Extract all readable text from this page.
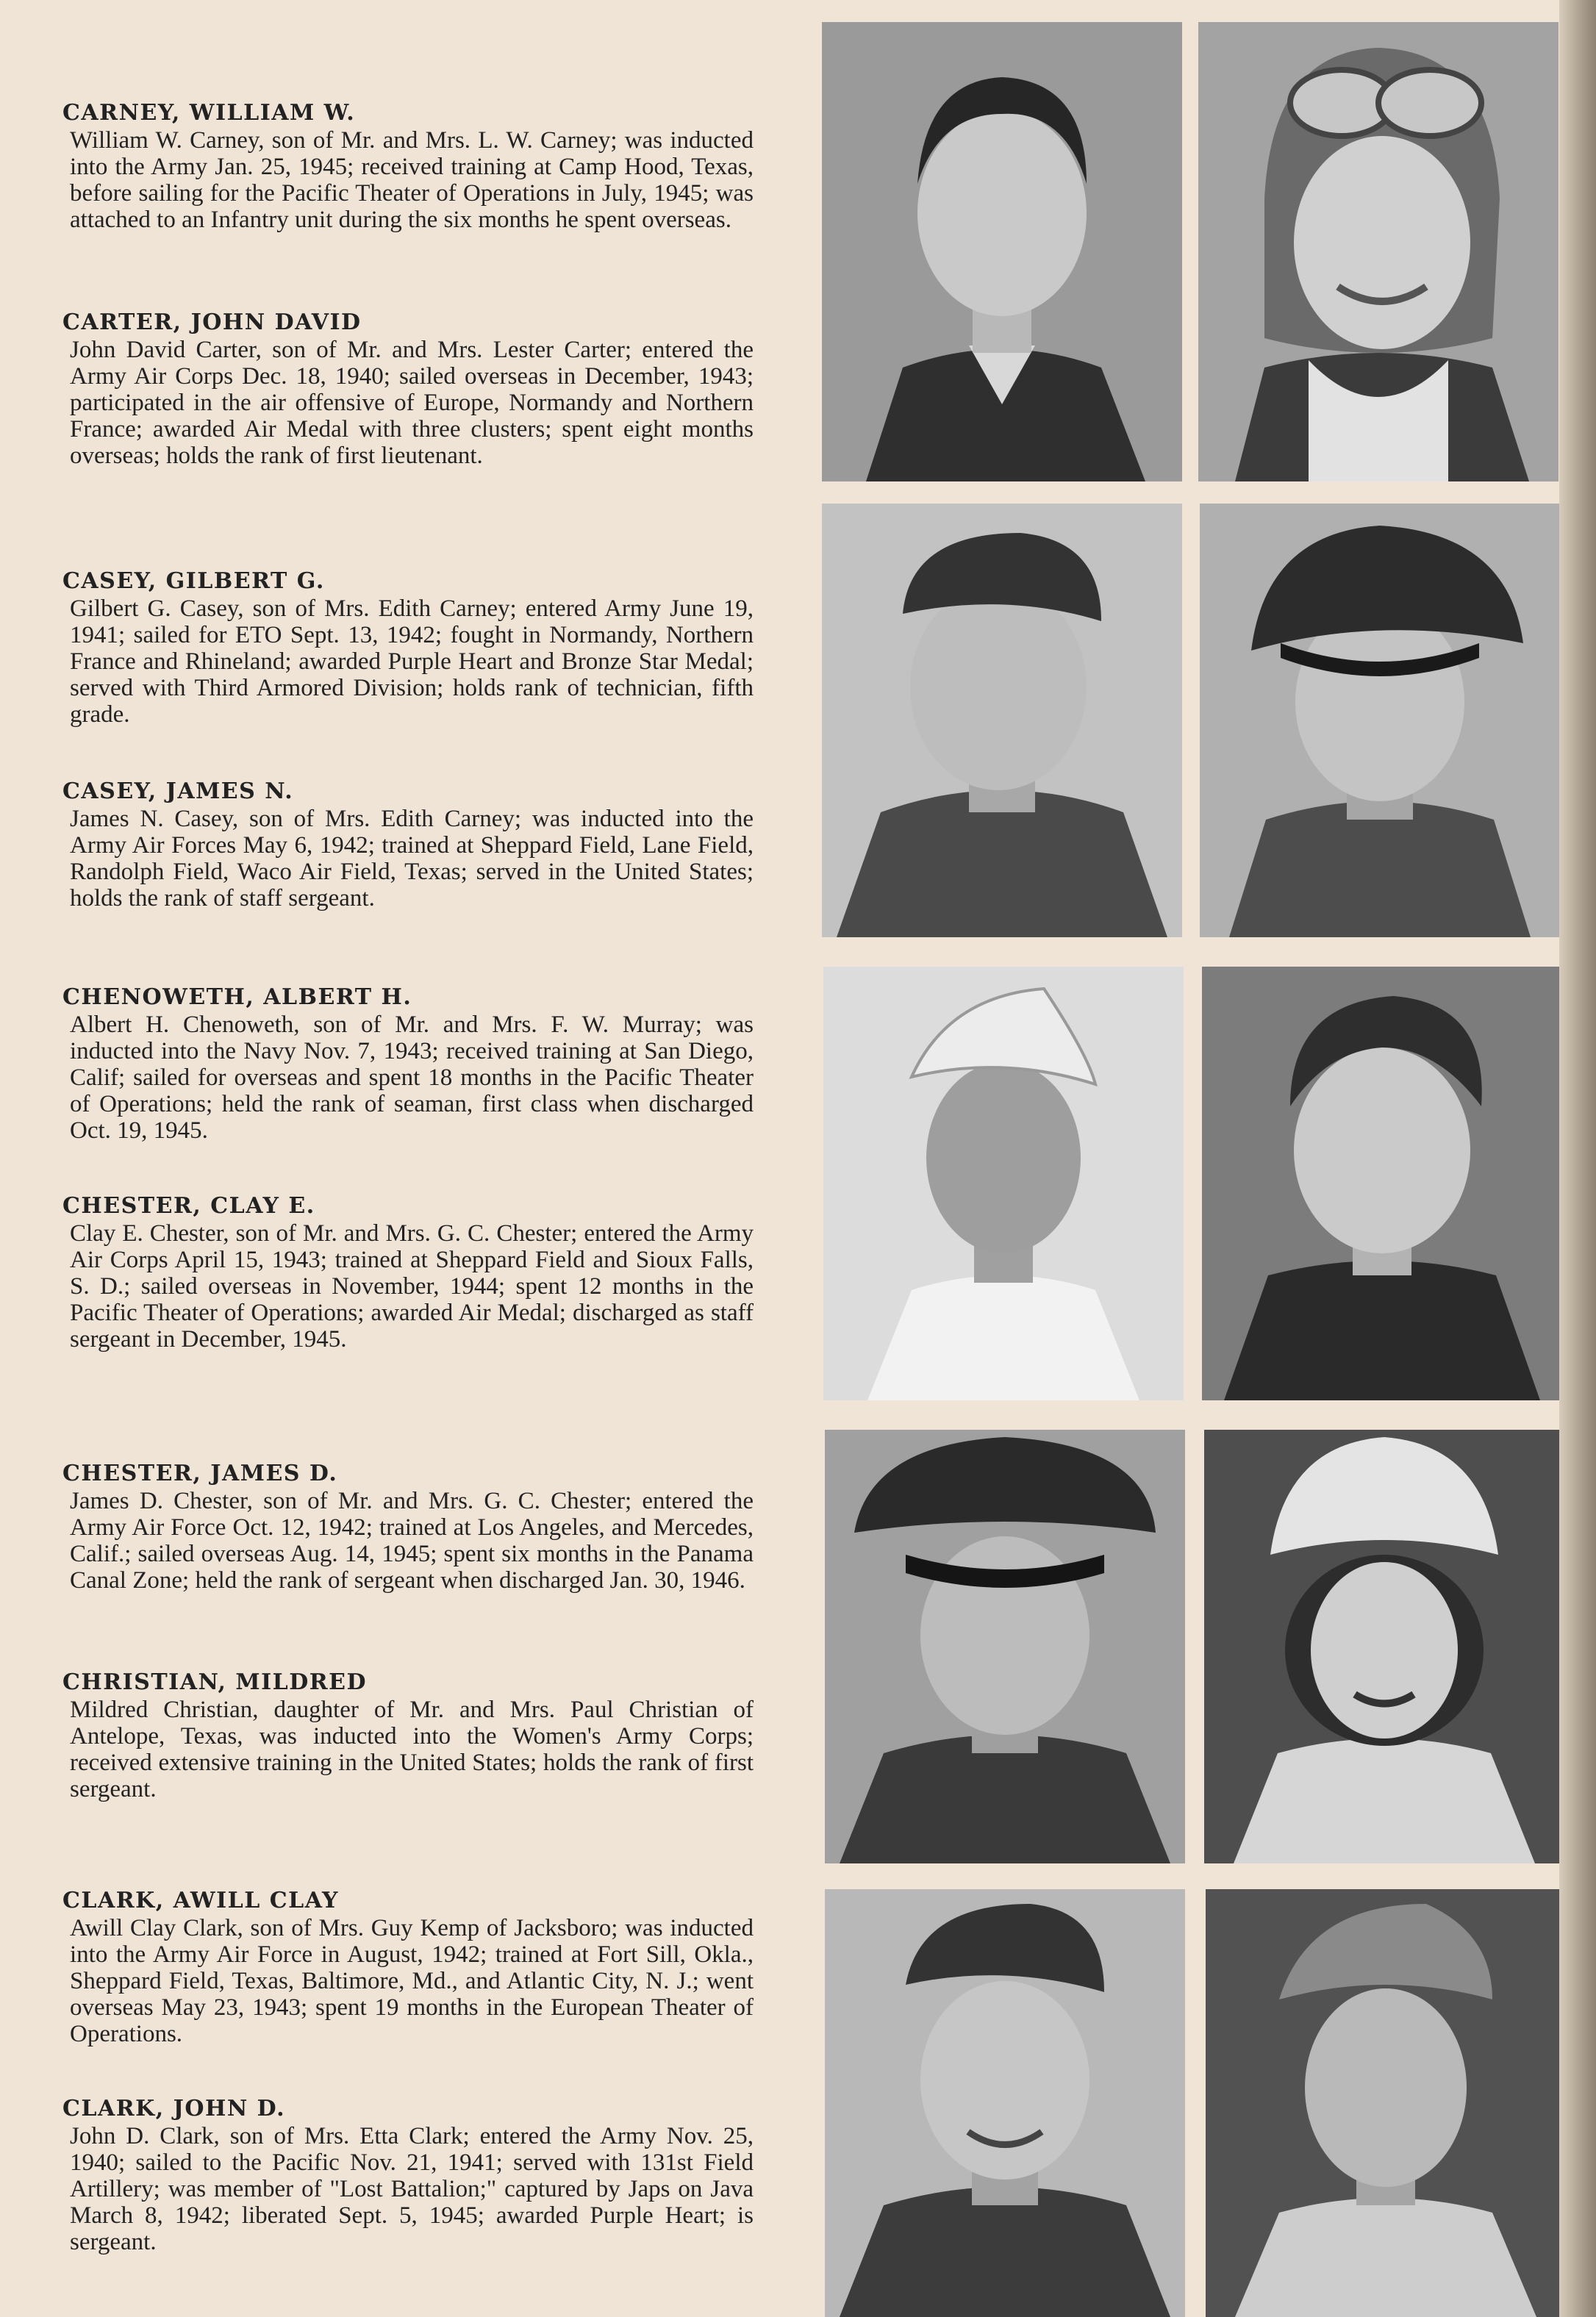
CARNEY, WILLIAM W.

William W. Carney, son of Mr. and Mrs. L. W. Carney; was inducted into the Army Jan. 25, 1945; received training at Camp Hood, Texas, before sailing for the Pacific Theater of Operations in July, 1945; was attached to an Infantry unit during the six months he spent overseas.

CARTER, JOHN DAVID

John David Carter, son of Mr. and Mrs. Lester Carter; entered the Army Air Corps Dec. 18, 1940; sailed overseas in December, 1943; participated in the air offensive of Europe, Normandy and Northern France; awarded Air Medal with three clusters; spent eight months overseas; holds the rank of first lieutenant.

CASEY, GILBERT G.

Gilbert G. Casey, son of Mrs. Edith Carney; entered Army June 19, 1941; sailed for ETO Sept. 13, 1942; fought in Normandy, Northern France and Rhineland; awarded Purple Heart and Bronze Star Medal; served with Third Armored Division; holds rank of technician, fifth grade.

CASEY, JAMES N.

James N. Casey, son of Mrs. Edith Carney; was inducted into the Army Air Forces May 6, 1942; trained at Sheppard Field, Lane Field, Randolph Field, Waco Air Field, Texas; served in the United States; holds the rank of staff sergeant.

CHENOWETH, ALBERT H.

Albert H. Chenoweth, son of Mr. and Mrs. F. W. Murray; was inducted into the Navy Nov. 7, 1943; received training at San Diego, Calif; sailed for overseas and spent 18 months in the Pacific Theater of Operations; held the rank of seaman, first class when discharged Oct. 19, 1945.

CHESTER, CLAY E.

Clay E. Chester, son of Mr. and Mrs. G. C. Chester; entered the Army Air Corps April 15, 1943; trained at Sheppard Field and Sioux Falls, S. D.; sailed overseas in November, 1944; spent 12 months in the Pacific Theater of Operations; awarded Air Medal; discharged as staff sergeant in December, 1945.

CHESTER, JAMES D.

James D. Chester, son of Mr. and Mrs. G. C. Chester; entered the Army Air Force Oct. 12, 1942; trained at Los Angeles, and Mercedes, Calif.; sailed overseas Aug. 14, 1945; spent six months in the Panama Canal Zone; held the rank of sergeant when discharged Jan. 30, 1946.

CHRISTIAN, MILDRED

Mildred Christian, daughter of Mr. and Mrs. Paul Christian of Antelope, Texas, was inducted into the Women's Army Corps; received extensive training in the United States; holds the rank of first sergeant.

CLARK, AWILL CLAY

Awill Clay Clark, son of Mrs. Guy Kemp of Jacksboro; was inducted into the Army Air Force in August, 1942; trained at Fort Sill, Okla., Sheppard Field, Texas, Baltimore, Md., and Atlantic City, N. J.; went overseas May 23, 1943; spent 19 months in the European Theater of Operations.

CLARK, JOHN D.

John D. Clark, son of Mrs. Etta Clark; entered the Army Nov. 25, 1940; sailed to the Pacific Nov. 21, 1941; served with 131st Field Artillery; was member of "Lost Battalion;" captured by Japs on Java March 8, 1942; liberated Sept. 5, 1945; awarded Purple Heart; is sergeant.
